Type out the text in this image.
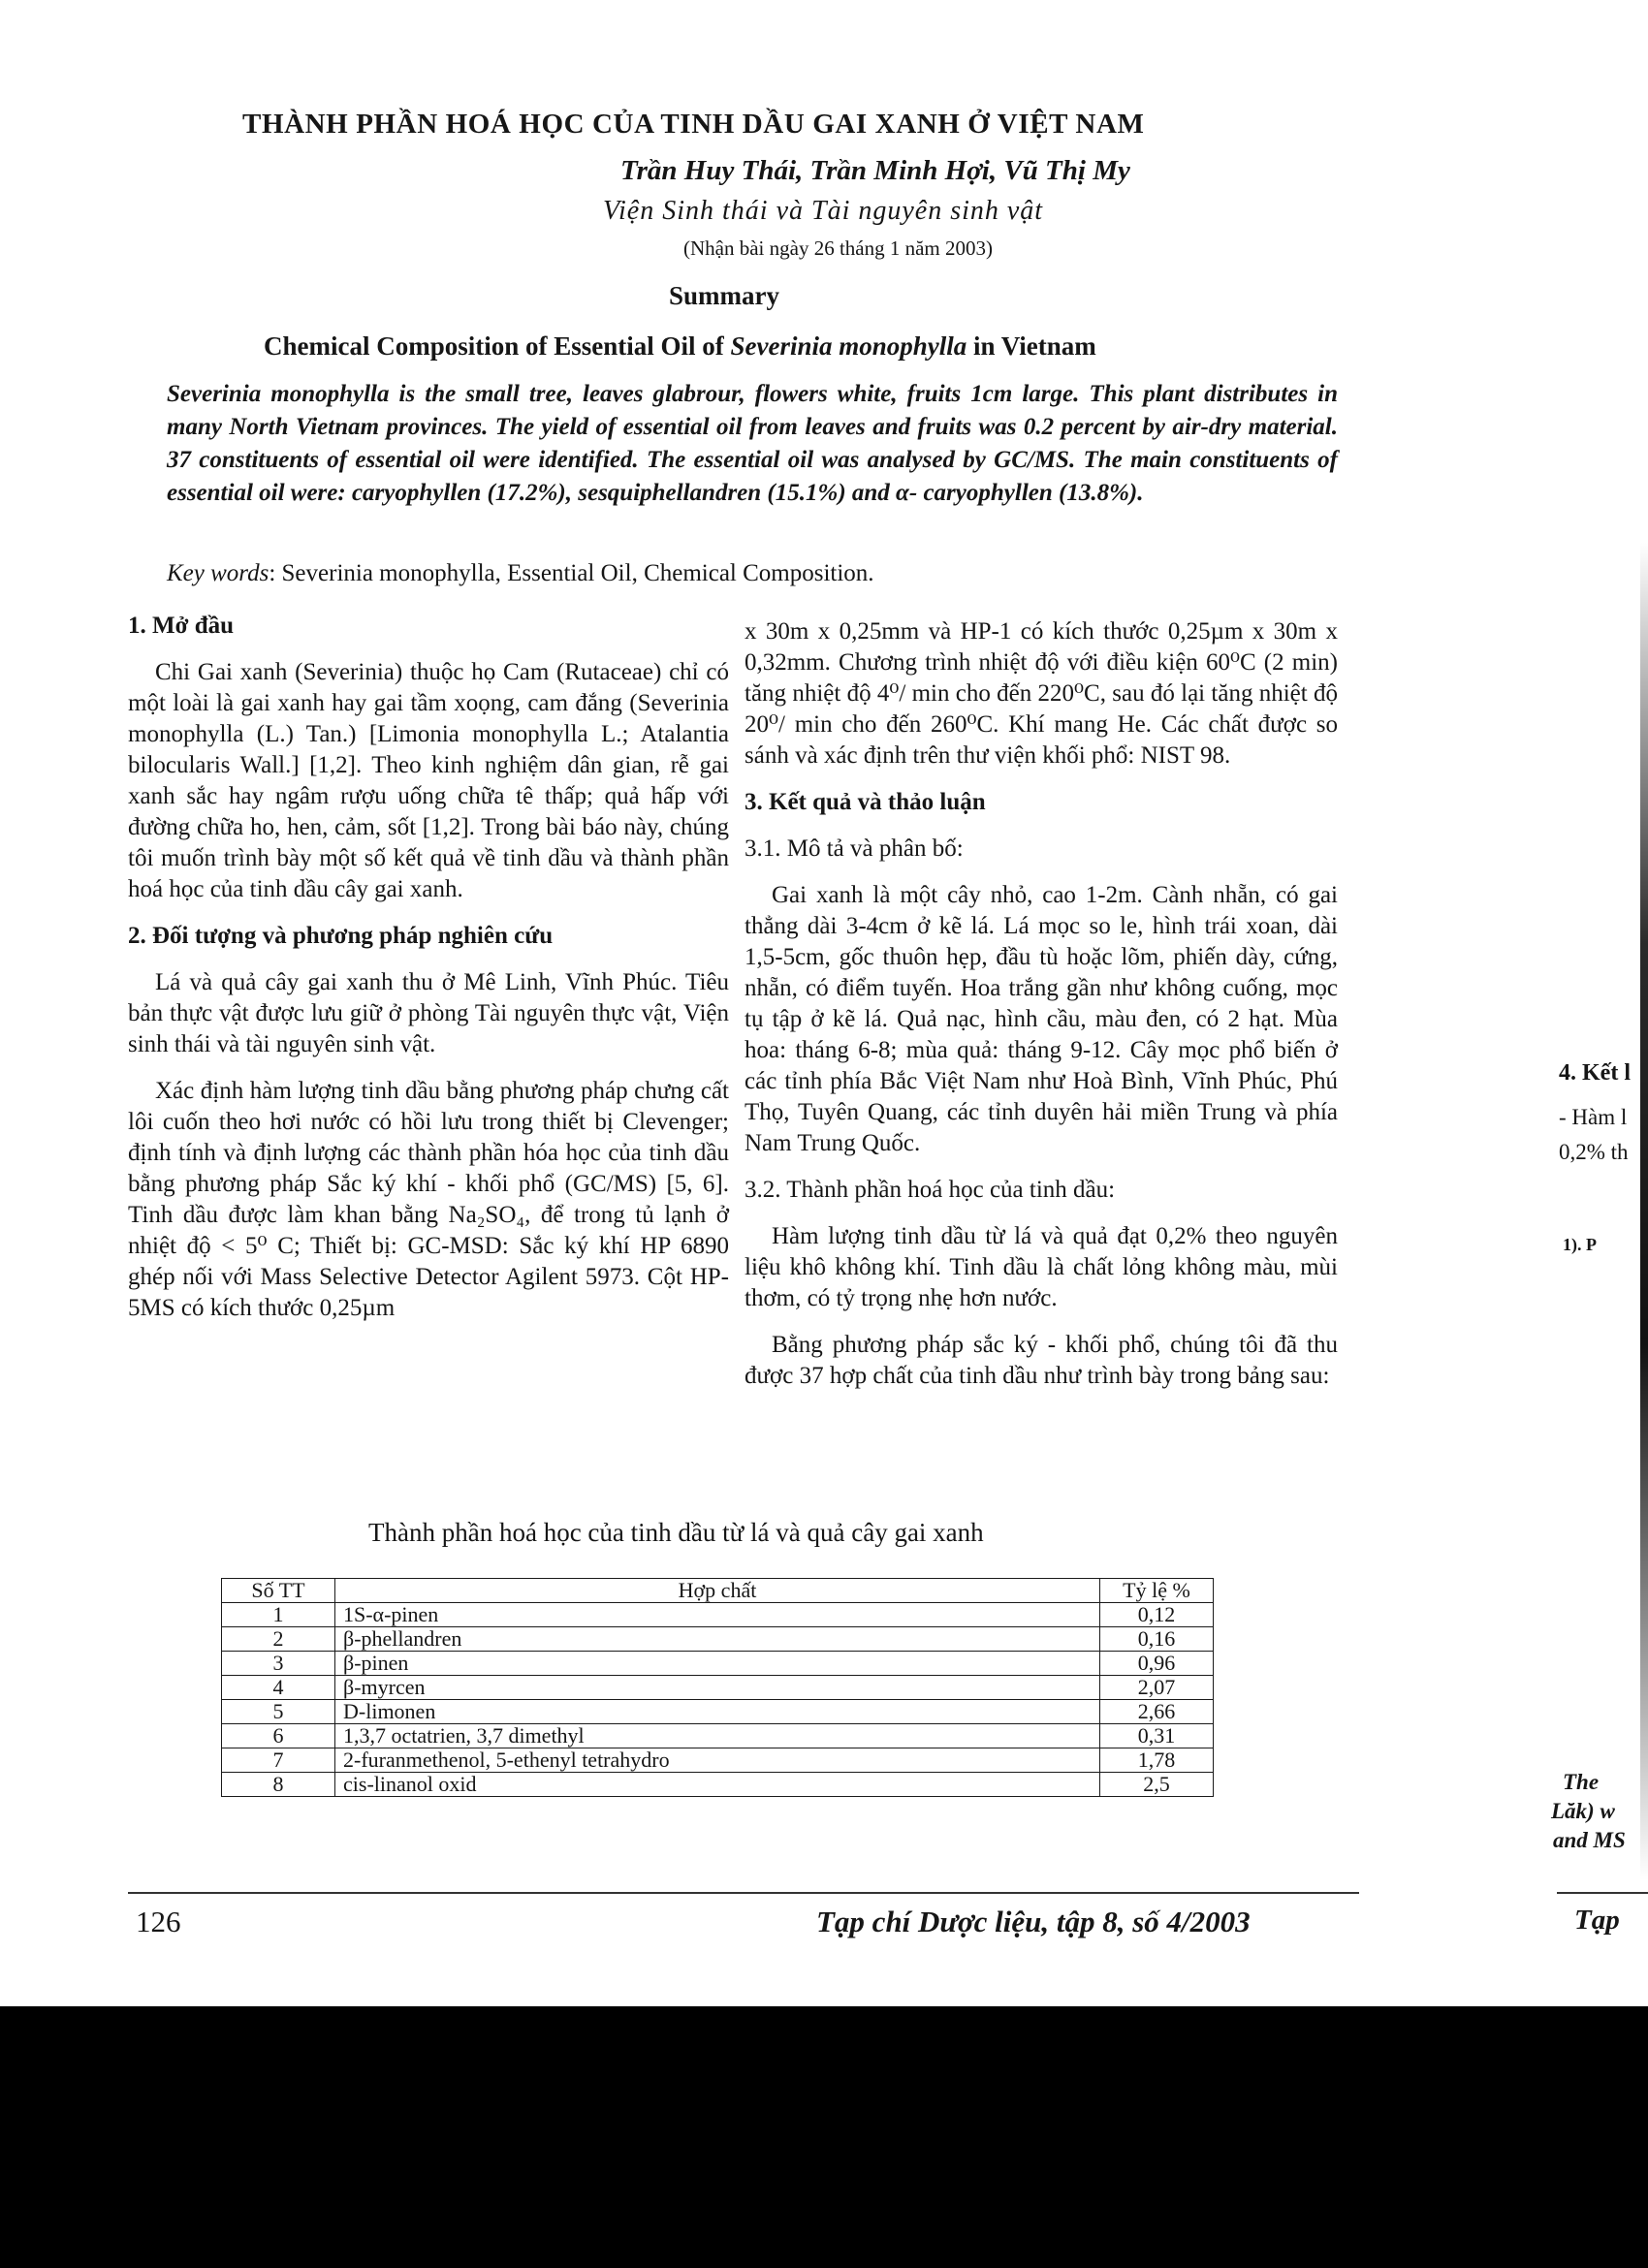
THÀNH PHẦN HOÁ HỌC CỦA TINH DẦU GAI XANH Ở VIỆT NAM
Trần Huy Thái, Trần Minh Hợi, Vũ Thị My
Viện Sinh thái và Tài nguyên sinh vật
(Nhận bài ngày 26 tháng 1 năm 2003)
Summary
Chemical Composition of Essential Oil of Severinia monophylla in Vietnam
Severinia monophylla is the small tree, leaves glabrour, flowers white, fruits 1cm large. This plant distributes in many North Vietnam provinces. The yield of essential oil from leaves and fruits was 0.2 percent by air-dry material. 37 constituents of essential oil were identified. The essential oil was analysed by GC/MS. The main constituents of essential oil were: caryophyllen (17.2%), sesquiphellandren (15.1%) and α- caryophyllen (13.8%).
Key words: Severinia monophylla, Essential Oil, Chemical Composition.

1. Mở đầu

Chi Gai xanh (Severinia) thuộc họ Cam (Rutaceae) chỉ có một loài là gai xanh hay gai tầm xoọng, cam đắng (Severinia monophylla (L.) Tan.) [Limonia monophylla L.; Atalantia bilocularis Wall.] [1,2]. Theo kinh nghiệm dân gian, rễ gai xanh sắc hay ngâm rượu uống chữa tê thấp; quả hấp với đường chữa ho, hen, cảm, sốt [1,2]. Trong bài báo này, chúng tôi muốn trình bày một số kết quả về tinh dầu và thành phần hoá học của tinh dầu cây gai xanh.

2. Đối tượng và phương pháp nghiên cứu

Lá và quả cây gai xanh thu ở Mê Linh, Vĩnh Phúc. Tiêu bản thực vật được lưu giữ ở phòng Tài nguyên thực vật, Viện sinh thái và tài nguyên sinh vật.

Xác định hàm lượng tinh dầu bằng phương pháp chưng cất lôi cuốn theo hơi nước có hồi lưu trong thiết bị Clevenger; định tính và định lượng các thành phần hóa học của tinh dầu bằng phương pháp Sắc ký khí - khối phổ (GC/MS) [5, 6]. Tinh dầu được làm khan bằng Na₂SO₄, để trong tủ lạnh ở nhiệt độ < 5⁰ C; Thiết bị: GC-MSD: Sắc ký khí HP 6890 ghép nối với Mass Selective Detector Agilent 5973. Cột HP-5MS có kích thước 0,25µm

x 30m x 0,25mm và HP-1 có kích thước 0,25µm x 30m x 0,32mm. Chương trình nhiệt độ với điều kiện 60⁰C (2 min) tăng nhiệt độ 4⁰/ min cho đến 220⁰C, sau đó lại tăng nhiệt độ 20⁰/ min cho đến 260⁰C. Khí mang He. Các chất được so sánh và xác định trên thư viện khối phổ: NIST 98.

3. Kết quả và thảo luận

3.1. Mô tả và phân bố:

Gai xanh là một cây nhỏ, cao 1-2m. Cành nhẵn, có gai thẳng dài 3-4cm ở kẽ lá. Lá mọc so le, hình trái xoan, dài 1,5-5cm, gốc thuôn hẹp, đầu tù hoặc lõm, phiến dày, cứng, nhẵn, có điểm tuyến. Hoa trắng gần như không cuống, mọc tụ tập ở kẽ lá. Quả nạc, hình cầu, màu đen, có 2 hạt. Mùa hoa: tháng 6-8; mùa quả: tháng 9-12. Cây mọc phổ biến ở các tỉnh phía Bắc Việt Nam như Hoà Bình, Vĩnh Phúc, Phú Thọ, Tuyên Quang, các tỉnh duyên hải miền Trung và phía Nam Trung Quốc.

3.2. Thành phần hoá học của tinh dầu:

Hàm lượng tinh dầu từ lá và quả đạt 0,2% theo nguyên liệu khô không khí. Tinh dầu là chất lỏng không màu, mùi thơm, có tỷ trọng nhẹ hơn nước.

Bằng phương pháp sắc ký - khối phổ, chúng tôi đã thu được 37 hợp chất của tinh dầu như trình bày trong bảng sau:

Thành phần hoá học của tinh dầu từ lá và quả cây gai xanh
Số TT	Hợp chất	Tỷ lệ %
1	1S-α-pinen	0,12
2	β-phellandren	0,16
3	β-pinen	0,96
4	β-myrcen	2,07
5	D-limonen	2,66
6	1,3,7 octatrien, 3,7 dimethyl	0,31
7	2-furanmethenol, 5-ethenyl tetrahydro	1,78
8	cis-linanol oxid	2,5
126	Tạp chí Dược liệu, tập 8, số 4/2003
4. Kết l
- Hàm l
0,2% th
1). P
The
Lăk) w
and MS
Tạp
